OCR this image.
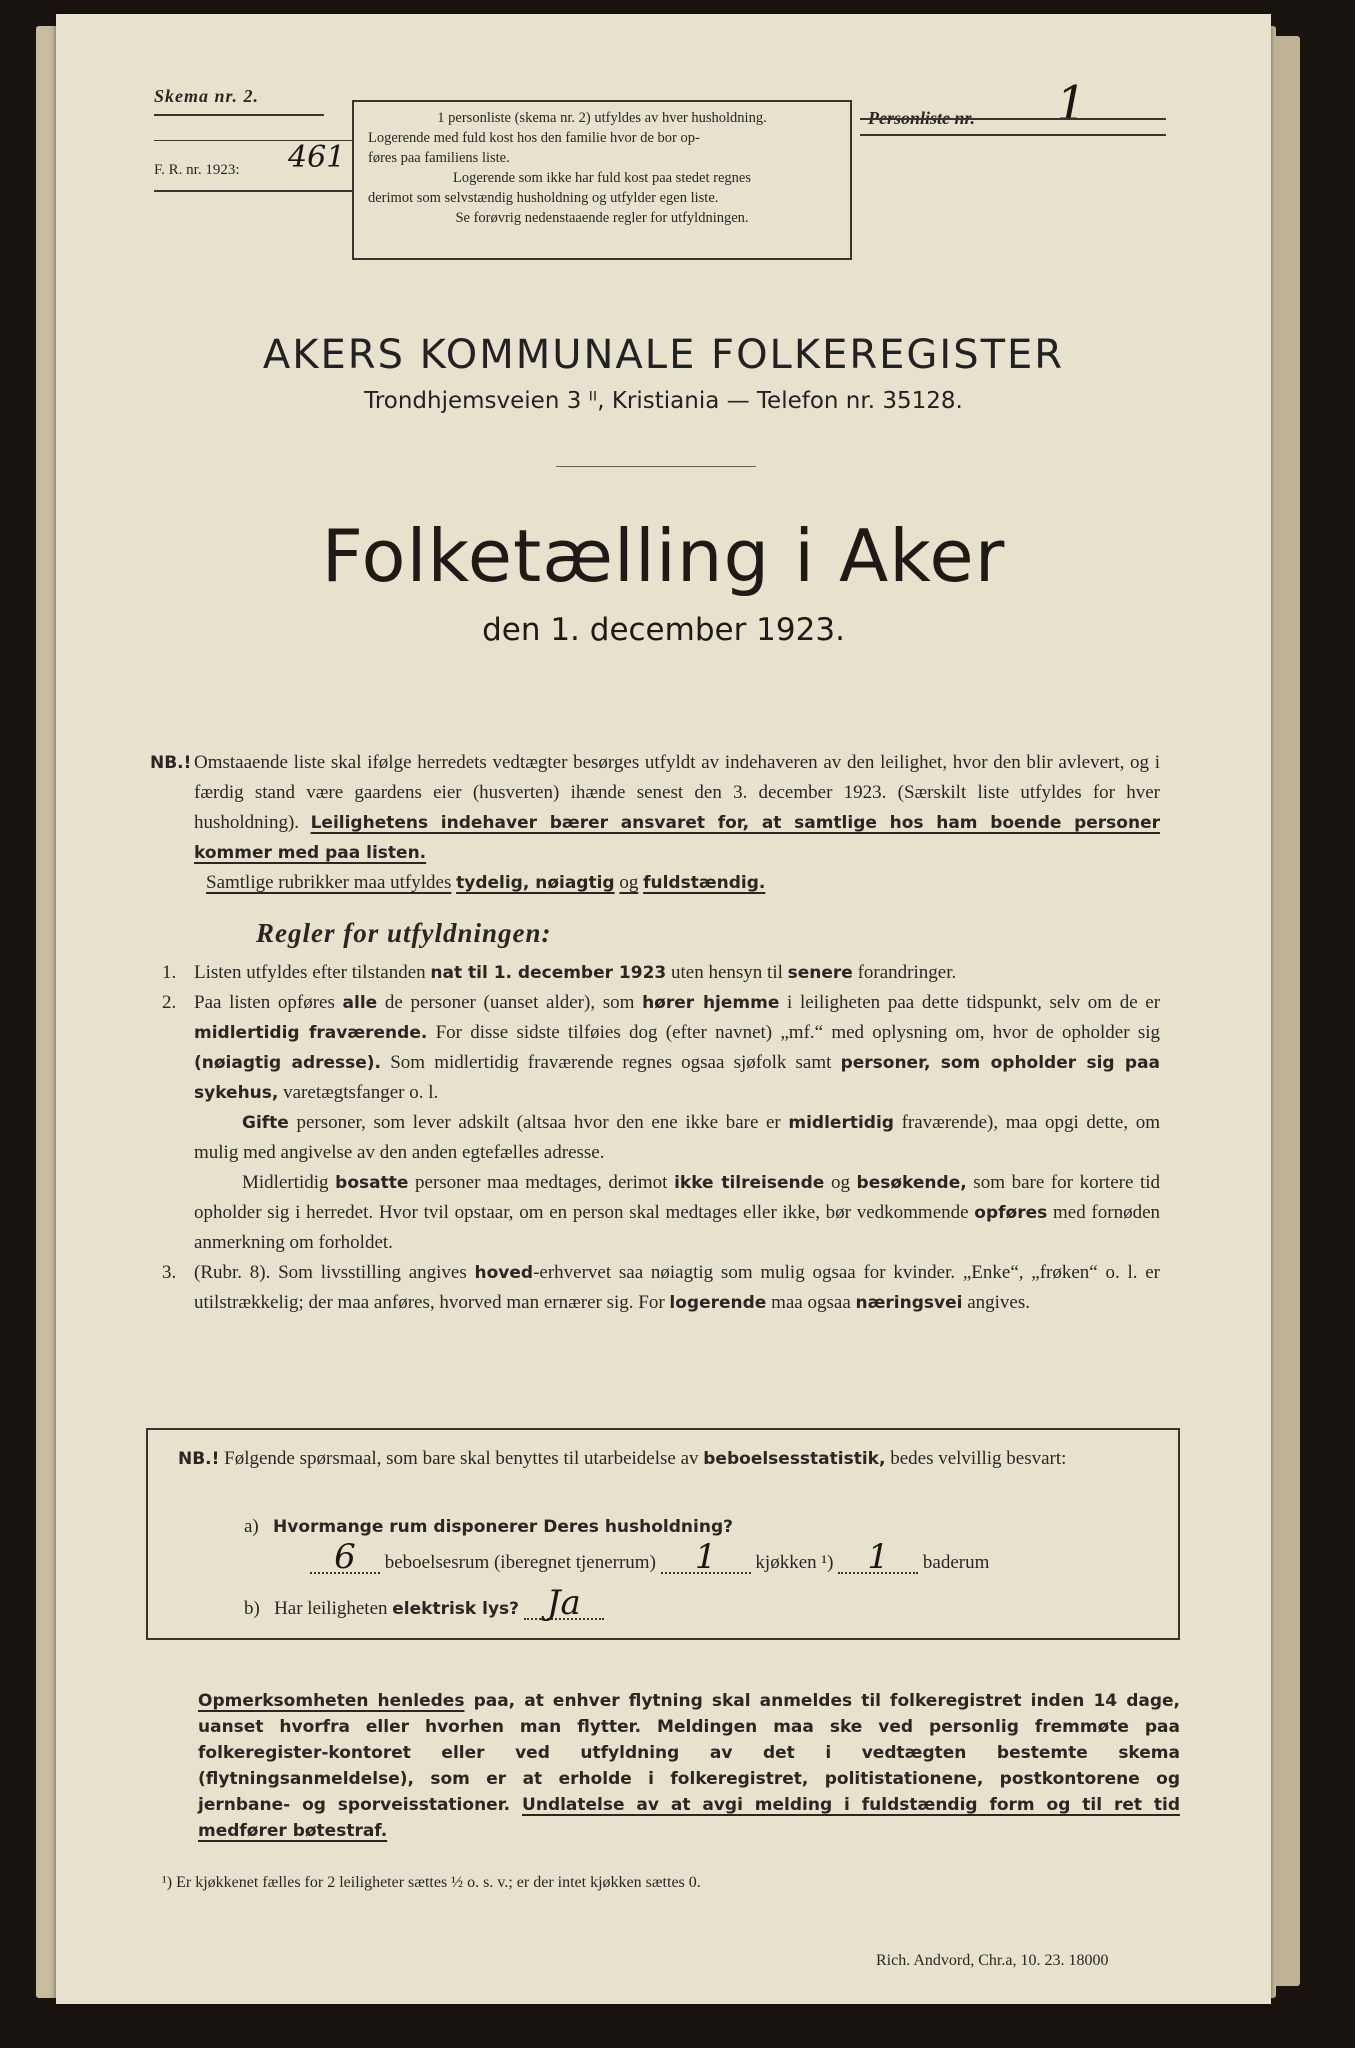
Skema nr. 2.
F. R. nr. 1923: 461
1 personliste (skema nr. 2) utfyldes av hver husholdning.
Logerende med fuld kost hos den familie hvor de bor op-
føres paa familiens liste.
Logerende som ikke har fuld kost paa stedet regnes
derimot som selvstændig husholdning og utfylder egen liste.
Se forøvrig nedenstaaende regler for utfyldningen.
Personliste nr. 1
AKERS KOMMUNALE FOLKEREGISTER
Trondhjemsveien 3 ᴵᴵ, Kristiania — Telefon nr. 35128.
Folketælling i Aker
den 1. december 1923.
NB.! Omstaaende liste skal ifølge herredets vedtægter besørges utfyldt av indehaveren av den leilighet, hvor den blir avlevert, og i færdig stand være gaardens eier (husverten) ihænde senest den 3. december 1923. (Særskilt liste utfyldes for hver husholdning). Leilighetens indehaver bærer ansvaret for, at samtlige hos ham boende personer kommer med paa listen.
Samtlige rubrikker maa utfyldes tydelig, nøiagtig og fuldstændig.
Regler for utfyldningen:
1. Listen utfyldes efter tilstanden nat til 1. december 1923 uten hensyn til senere forandringer.
2. Paa listen opføres alle de personer (uanset alder), som hører hjemme i leiligheten paa dette tidspunkt, selv om de er midlertidig fraværende. For disse sidste tilføies dog (efter navnet) „mf.“ med oplysning om, hvor de opholder sig (nøiagtig adresse). Som midlertidig fraværende regnes ogsaa sjøfolk samt personer, som opholder sig paa sykehus, varetægtsfanger o. l.
Gifte personer, som lever adskilt (altsaa hvor den ene ikke bare er midlertidig fraværende), maa opgi dette, om mulig med angivelse av den anden egtefælles adresse.
Midlertidig bosatte personer maa medtages, derimot ikke tilreisende og besøkende, som bare for kortere tid opholder sig i herredet. Hvor tvil opstaar, om en person skal medtages eller ikke, bør vedkommende opføres med fornøden anmerkning om forholdet.
3. (Rubr. 8). Som livsstilling angives hoved-erhvervet saa nøiagtig som mulig ogsaa for kvinder. „Enke“, „frøken“ o. l. er utilstrækkelig; der maa anføres, hvorved man ernærer sig. For logerende maa ogsaa næringsvei angives.
NB.! Følgende spørsmaal, som bare skal benyttes til utarbeidelse av beboelsesstatistik, bedes velvillig besvart:
a) Hvormange rum disponerer Deres husholdning?
6 beboelsesrum (iberegnet tjenerrum) 1 kjøkken ¹) 1 baderum
b) Har leiligheten elektrisk lys? Ja
Opmerksomheten henledes paa, at enhver flytning skal anmeldes til folkeregistret inden 14 dage, uanset hvorfra eller hvorhen man flytter. Meldingen maa ske ved personlig fremmøte paa folkeregister-kontoret eller ved utfyldning av det i vedtægten bestemte skema (flytningsanmeldelse), som er at erholde i folkeregistret, politistationene, postkontorene og jernbane- og sporveisstationer. Undlatelse av at avgi melding i fuldstændig form og til ret tid medfører bøtestraf.
¹) Er kjøkkenet fælles for 2 leiligheter sættes ½ o. s. v.; er der intet kjøkken sættes 0.
Rich. Andvord, Chr.a, 10. 23. 18000
